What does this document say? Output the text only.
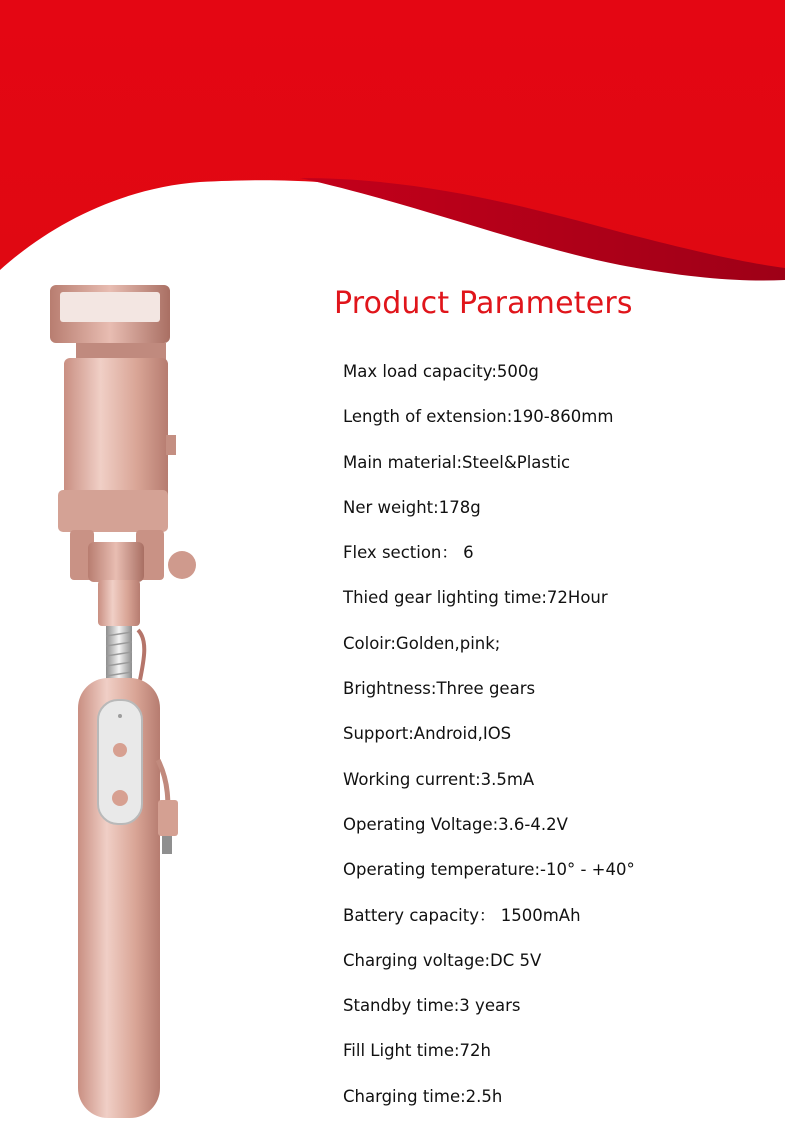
Product Parameters
Max load capacity:500g
Length of extension:190-860mm
Main material:Steel&Plastic
Ner weight:178g
Flex section： 6
Thied gear lighting time:72Hour
Coloir:Golden,pink;
Brightness:Three gears
Support:Android,IOS
Working current:3.5mA
Operating Voltage:3.6-4.2V
Operating temperature:-10° - +40°
Battery capacity： 1500mAh
Charging voltage:DC 5V
Standby time:3 years
Fill Light time:72h
Charging time:2.5h
